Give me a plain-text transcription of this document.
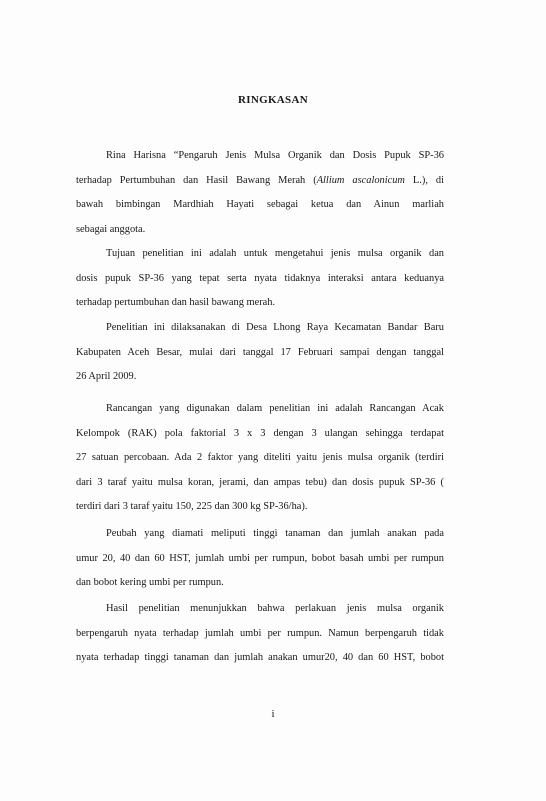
RINGKASAN
Rina Harisna “Pengaruh Jenis Mulsa Organik dan Dosis Pupuk SP-36
terhadap Pertumbuhan dan Hasil Bawang Merah (Allium ascalonicum L.), di
bawah bimbingan Mardhiah Hayati sebagai ketua dan Ainun marliah
sebagai anggota.
Tujuan penelitian ini adalah untuk mengetahui jenis mulsa organik dan
dosis pupuk SP-36 yang tepat serta nyata tidaknya interaksi antara keduanya
terhadap pertumbuhan dan hasil bawang merah.
Penelitian ini dilaksanakan di Desa Lhong Raya Kecamatan Bandar Baru
Kabupaten Aceh Besar, mulai dari tanggal 17 Februari sampai dengan tanggal
26 April 2009.
Rancangan yang digunakan dalam penelitian ini adalah Rancangan Acak
Kelompok (RAK) pola faktorial 3 x 3 dengan 3 ulangan sehingga terdapat
27 satuan percobaan. Ada 2 faktor yang diteliti yaitu jenis mulsa organik (terdiri
dari 3 taraf yaitu mulsa koran, jerami, dan ampas tebu) dan dosis pupuk SP-36 (
terdiri dari 3 taraf yaitu 150, 225 dan 300 kg SP-36/ha).
Peubah yang diamati meliputi tinggi tanaman dan jumlah anakan pada
umur 20, 40 dan 60 HST, jumlah umbi per rumpun, bobot basah umbi per rumpun
dan bobot kering umbi per rumpun.
Hasil penelitian menunjukkan bahwa perlakuan jenis mulsa organik
berpengaruh nyata terhadap jumlah umbi per rumpun. Namun berpengaruh tidak
nyata terhadap tinggi tanaman dan jumlah anakan umur20, 40 dan 60 HST, bobot
i
